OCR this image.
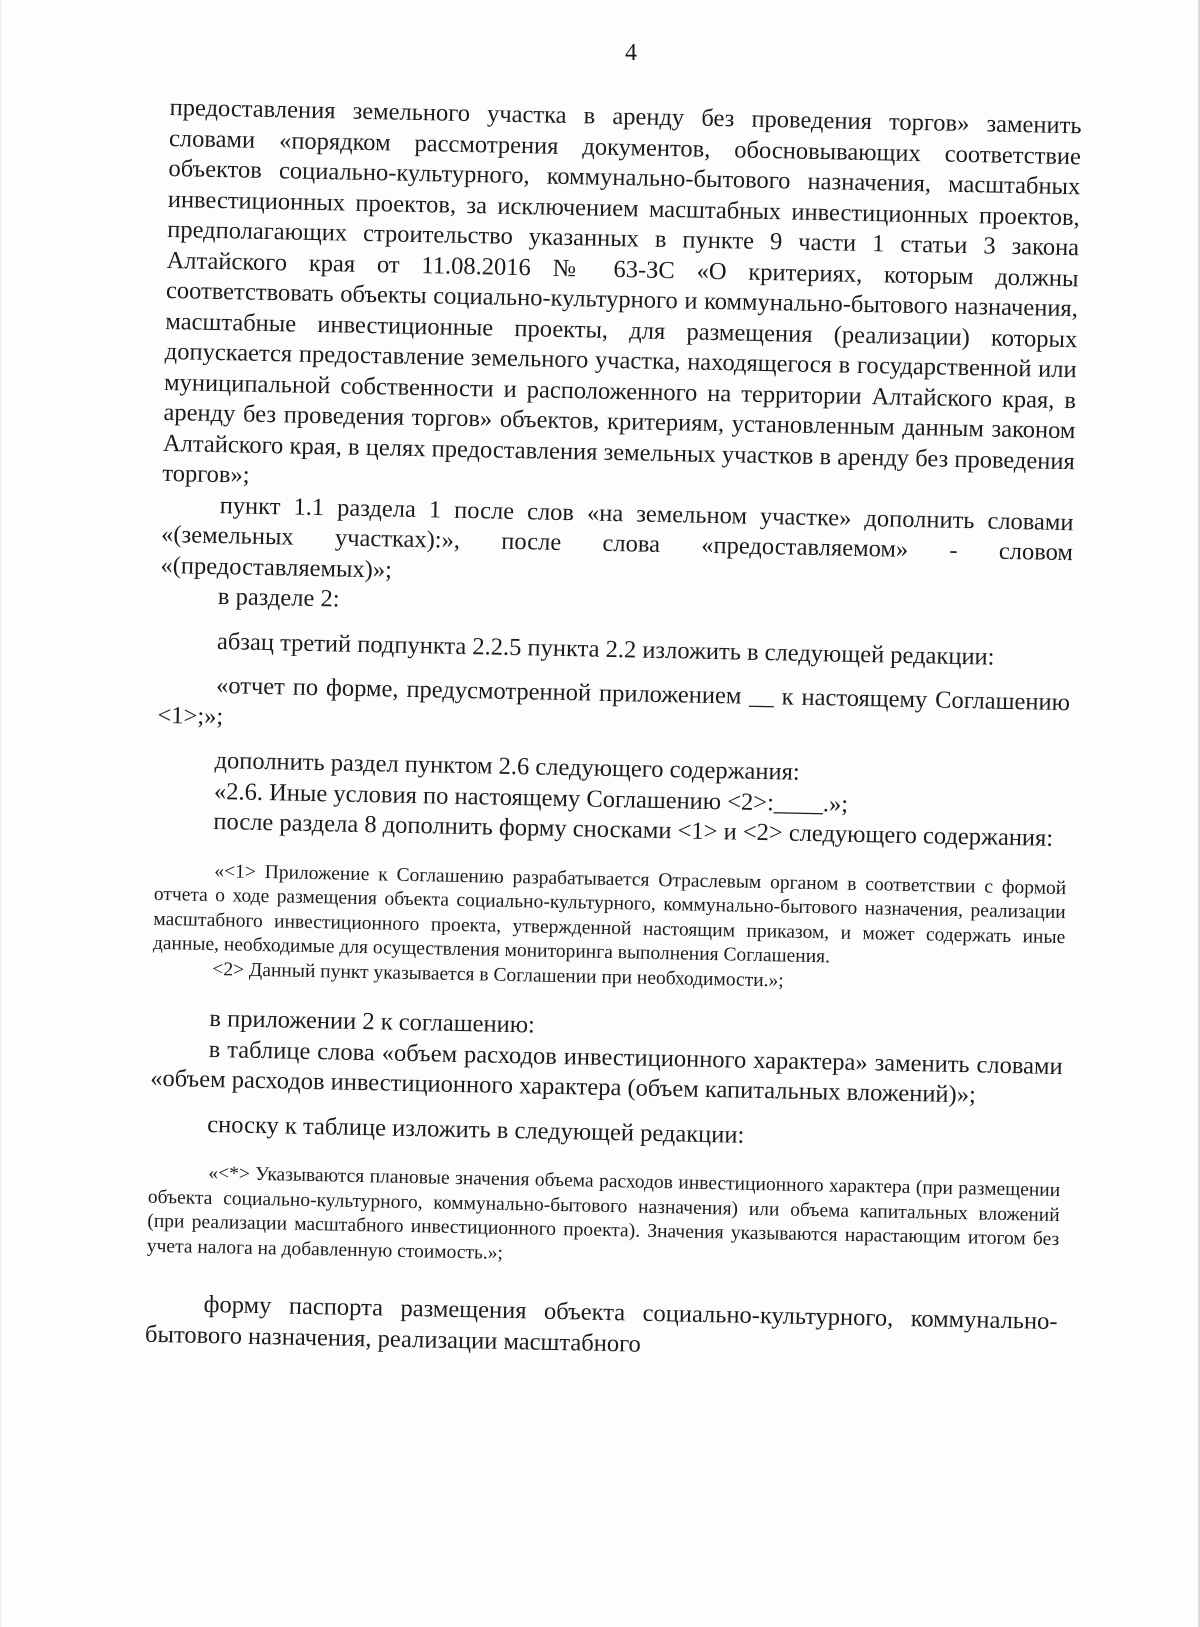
4

предоставления земельного участка в аренду без проведения торгов» заменить словами «порядком рассмотрения документов, обосновывающих соответствие объектов социально-культурного, коммунально-бытового назначения, масштабных инвестиционных проектов, за исключением масштабных инвестиционных проектов, предполагающих строительство указанных в пункте 9 части 1 статьи 3 закона Алтайского края от 11.08.2016 № 63-ЗС «О критериях, которым должны соответствовать объекты социально-культурного и коммунально-бытового назначения, масштабные инвестиционные проекты, для размещения (реализации) которых допускается предоставление земельного участка, находящегося в государственной или муниципальной собственности и расположенного на территории Алтайского края, в аренду без проведения торгов» объектов, критериям, установленным данным законом Алтайского края, в целях предоставления земельных участков в аренду без проведения торгов»;

пункт 1.1 раздела 1 после слов «на земельном участке» дополнить словами «(земельных участках):», после слова «предоставляемом» - словом «(предоставляемых)»;

в разделе 2:

абзац третий подпункта 2.2.5 пункта 2.2 изложить в следующей редакции:

«отчет по форме, предусмотренной приложением __ к настоящему Соглашению <1>;»;

дополнить раздел пунктом 2.6 следующего содержания:

«2.6. Иные условия по настоящему Соглашению <2>:____.»;

после раздела 8 дополнить форму сносками <1> и <2> следующего содержания:

«<1> Приложение к Соглашению разрабатывается Отраслевым органом в соответствии с формой отчета о ходе размещения объекта социально-культурного, коммунально-бытового назначения, реализации масштабного инвестиционного проекта, утвержденной настоящим приказом, и может содержать иные данные, необходимые для осуществления мониторинга выполнения Соглашения.

<2> Данный пункт указывается в Соглашении при необходимости.»;

в приложении 2 к соглашению:

в таблице слова «объем расходов инвестиционного характера» заменить словами «объем расходов инвестиционного характера (объем капитальных вложений)»;

сноску к таблице изложить в следующей редакции:

«<*> Указываются плановые значения объема расходов инвестиционного характера (при размещении объекта социально-культурного, коммунально-бытового назначения) или объема капитальных вложений (при реализации масштабного инвестиционного проекта). Значения указываются нарастающим итогом без учета налога на добавленную стоимость.»;

форму паспорта размещения объекта социально-культурного, коммунально-бытового назначения, реализации масштабного
